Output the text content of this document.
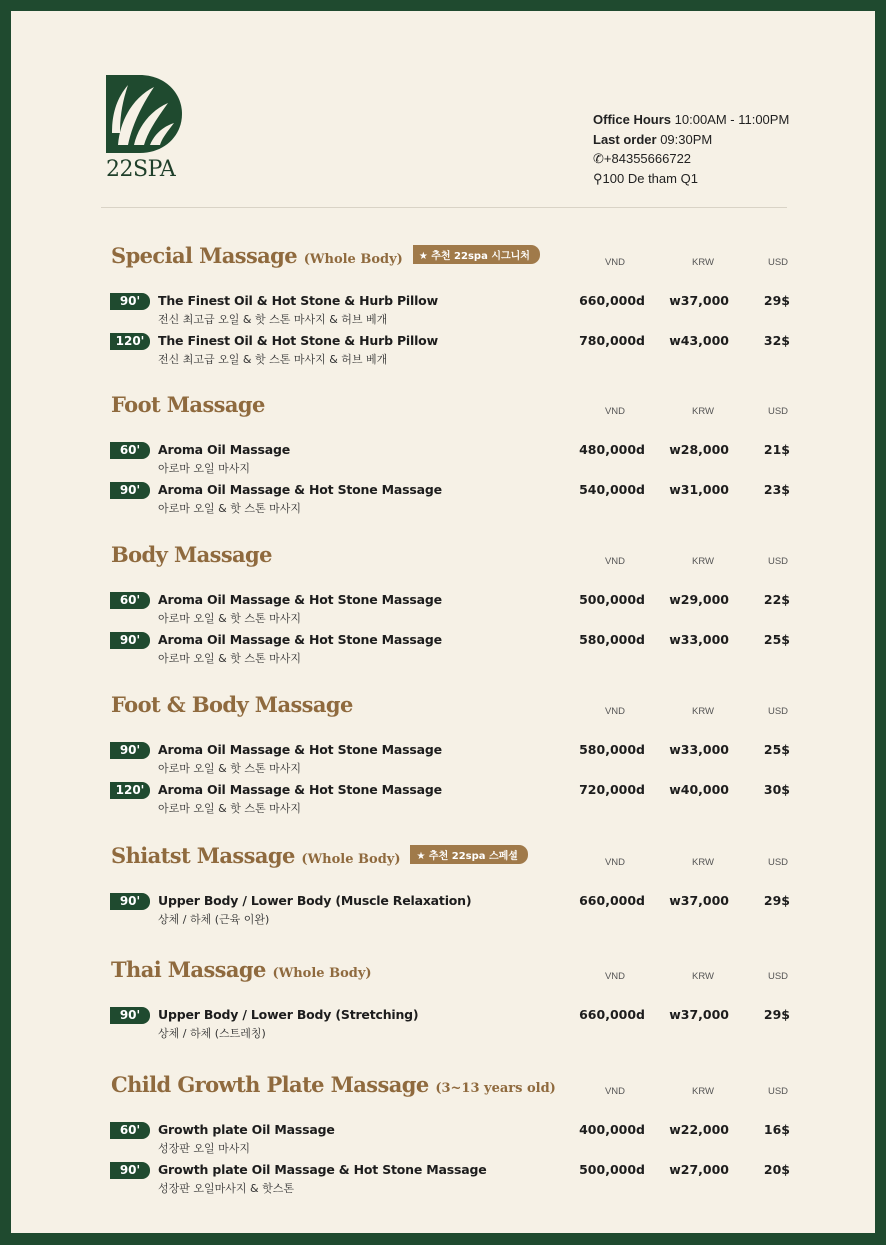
22SPA
Office Hours 10:00AM - 11:00PM
Last order 09:30PM
✆+84355666722
⚲100 De tham Q1
Special Massage (Whole Body) ★ 추천 22spa 시그니처
VND	KRW	USD
90'	The Finest Oil & Hot Stone & Hurb Pillow
전신 최고급 오일 & 핫 스톤 마사지 & 허브 베개
660,000d	w37,000	29$
120'	The Finest Oil & Hot Stone & Hurb Pillow
전신 최고급 오일 & 핫 스톤 마사지 & 허브 베개
780,000d	w43,000	32$
Foot Massage	VND	KRW	USD
60'	Aroma Oil Massage
아로마 오일 마사지
480,000d	w28,000	21$
90'	Aroma Oil Massage & Hot Stone Massage
아로마 오일 & 핫 스톤 마사지
540,000d	w31,000	23$
Body Massage	VND	KRW	USD
60'	Aroma Oil Massage & Hot Stone Massage
아로마 오일 & 핫 스톤 마사지
500,000d	w29,000	22$
90'	Aroma Oil Massage & Hot Stone Massage
아로마 오일 & 핫 스톤 마사지
580,000d	w33,000	25$
Foot & Body Massage	VND	KRW	USD
90'	Aroma Oil Massage & Hot Stone Massage
아로마 오일 & 핫 스톤 마사지
580,000d	w33,000	25$
120'	Aroma Oil Massage & Hot Stone Massage
아로마 오일 & 핫 스톤 마사지
720,000d	w40,000	30$
Shiatst Massage (Whole Body) ★ 추천 22spa 스페셜
VND	KRW	USD
90'	Upper Body / Lower Body (Muscle Relaxation)
상체 / 하체 (근육 이완)
660,000d	w37,000	29$
Thai Massage (Whole Body)	VND	KRW	USD
90'	Upper Body / Lower Body (Stretching)
상체 / 하체 (스트레칭)
660,000d	w37,000	29$
Child Growth Plate Massage (3~13 years old)	VND	KRW	USD
60'	Growth plate Oil Massage
성장판 오일 마사지
400,000d	w22,000	16$
90'	Growth plate Oil Massage & Hot Stone Massage
성장판 오일마사지 & 핫스톤
500,000d	w27,000	20$
